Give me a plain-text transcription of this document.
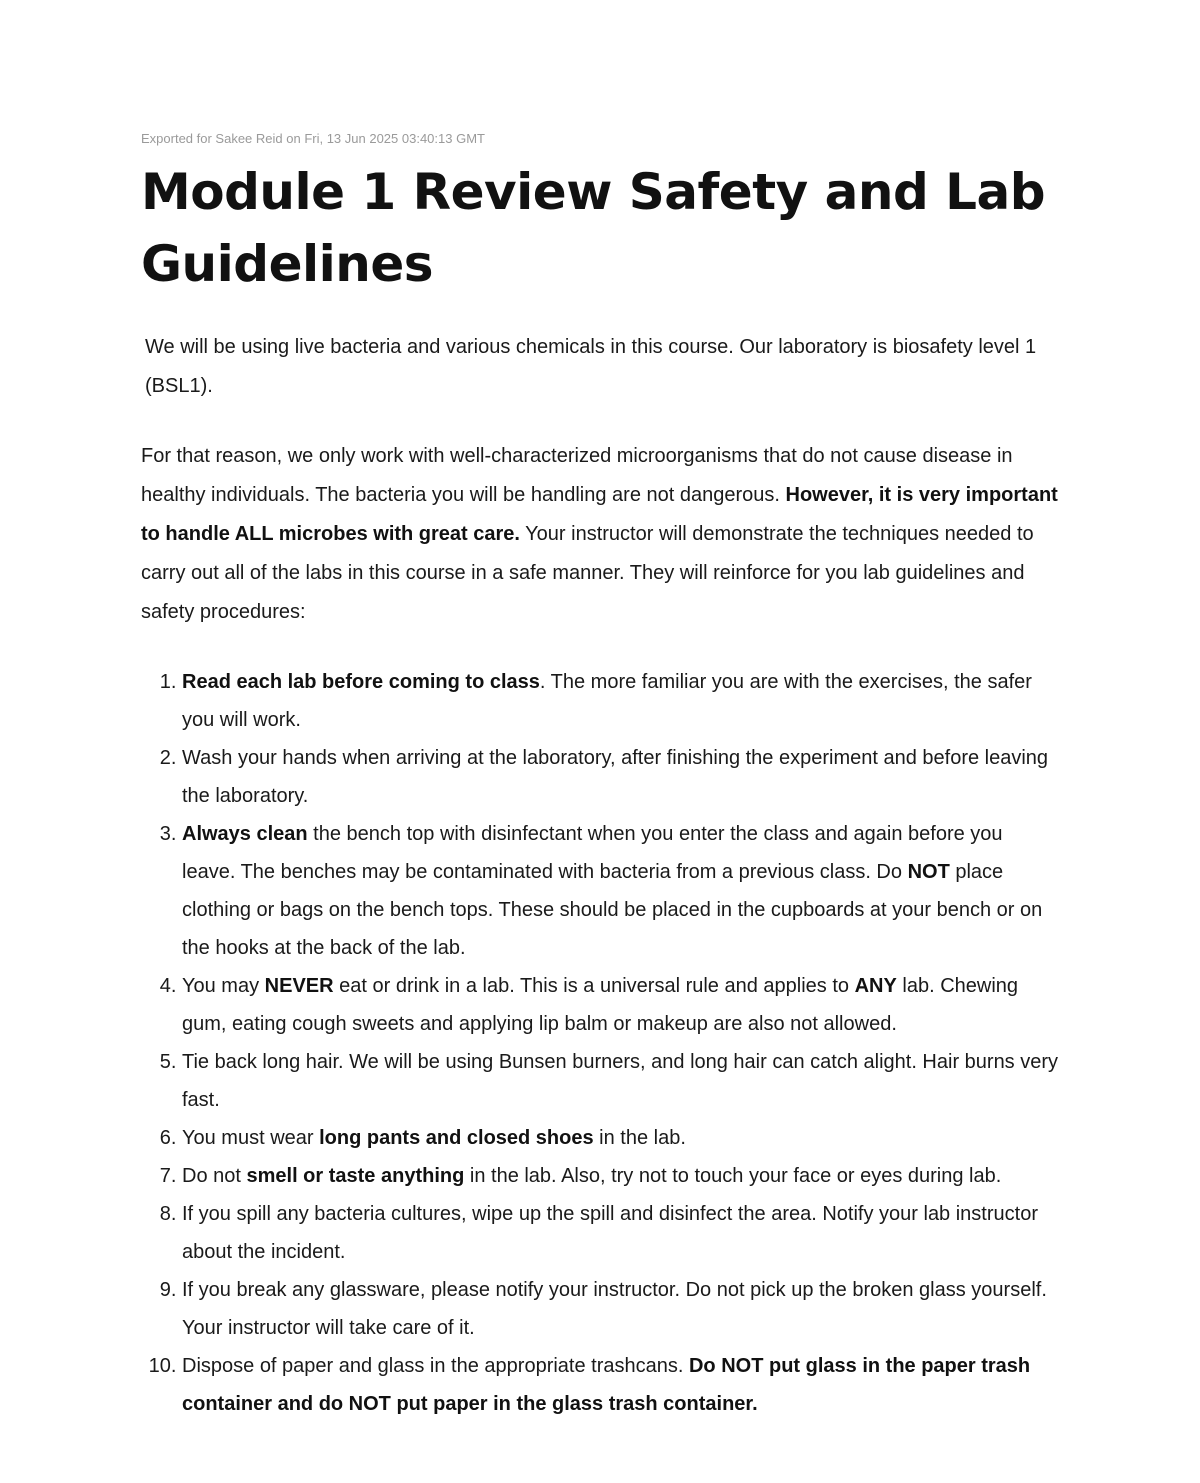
Exported for Sakee Reid on Fri, 13 Jun 2025 03:40:13 GMT
Module 1 Review Safety and Lab Guidelines

We will be using live bacteria and various chemicals in this course. Our laboratory is biosafety level 1 (BSL1).

For that reason, we only work with well-characterized microorganisms that do not cause disease in healthy individuals. The bacteria you will be handling are not dangerous. However, it is very important to handle ALL microbes with great care. Your instructor will demonstrate the techniques needed to carry out all of the labs in this course in a safe manner. They will reinforce for you lab guidelines and safety procedures:

1. Read each lab before coming to class. The more familiar you are with the exercises, the safer you will work.
2. Wash your hands when arriving at the laboratory, after finishing the experiment and before leaving the laboratory.
3. Always clean the bench top with disinfectant when you enter the class and again before you leave. The benches may be contaminated with bacteria from a previous class. Do NOT place clothing or bags on the bench tops. These should be placed in the cupboards at your bench or on the hooks at the back of the lab.
4. You may NEVER eat or drink in a lab. This is a universal rule and applies to ANY lab. Chewing gum, eating cough sweets and applying lip balm or makeup are also not allowed.
5. Tie back long hair. We will be using Bunsen burners, and long hair can catch alight. Hair burns very fast.
6. You must wear long pants and closed shoes in the lab.
7. Do not smell or taste anything in the lab. Also, try not to touch your face or eyes during lab.
8. If you spill any bacteria cultures, wipe up the spill and disinfect the area. Notify your lab instructor about the incident.
9. If you break any glassware, please notify your instructor. Do not pick up the broken glass yourself. Your instructor will take care of it.
10. Dispose of paper and glass in the appropriate trashcans. Do NOT put glass in the paper trash container and do NOT put paper in the glass trash container.
